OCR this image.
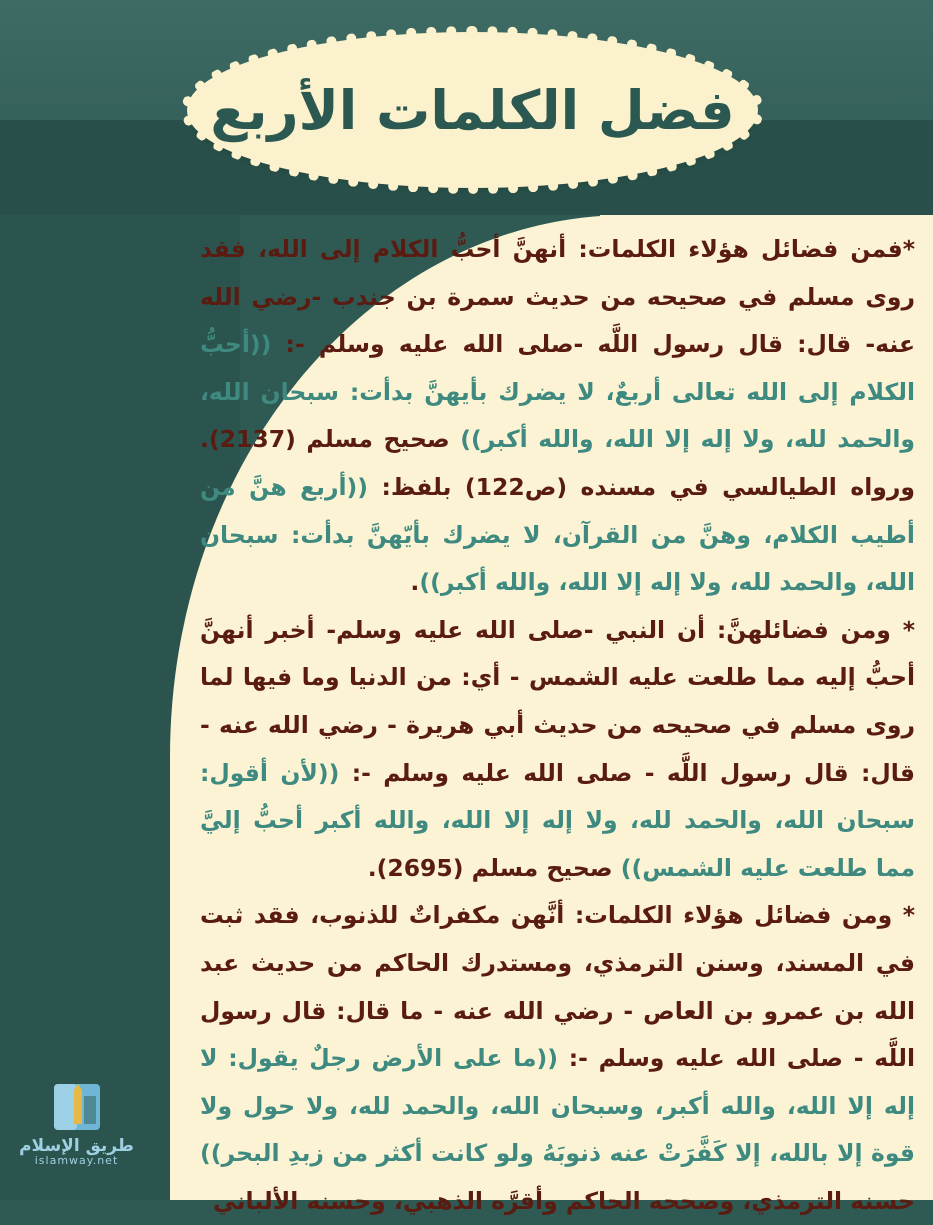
فضل الكلمات الأربع

*فمن فضائل هؤلاء الكلمات: أنهنَّ أحبُّ الكلام إلى الله، فقد روى مسلم في صحيحه من حديث سمرة بن جندب -رضي الله عنه- قال: قال رسول اللَّه -صلى الله عليه وسلم -: ((أحبُّ الكلام إلى الله تعالى أربعٌ، لا يضرك بأيهنَّ بدأت: سبحان الله، والحمد لله، ولا إله إلا الله، والله أكبر)) صحيح مسلم (2137). ورواه الطيالسي في مسنده (ص122) بلفظ: ((أربع هنَّ من أطيب الكلام، وهنَّ من القرآن، لا يضرك بأيّهنَّ بدأت: سبحان الله، والحمد لله، ولا إله إلا الله، والله أكبر)).

* ومن فضائلهنَّ: أن النبي -صلى الله عليه وسلم- أخبر أنهنَّ أحبُّ إليه مما طلعت عليه الشمس - أي: من الدنيا وما فيها لما روى مسلم في صحيحه من حديث أبي هريرة - رضي الله عنه - قال: قال رسول اللَّه - صلى الله عليه وسلم -: ((لأن أقول: سبحان الله، والحمد لله، ولا إله إلا الله، والله أكبر أحبُّ إليَّ مما طلعت عليه الشمس)) صحيح مسلم (2695).

* ومن فضائل هؤلاء الكلمات: أنَّهن مكفراتٌ للذنوب، فقد ثبت في المسند، وسنن الترمذي، ومستدرك الحاكم من حديث عبد الله بن عمرو بن العاص - رضي الله عنه - ما قال: قال رسول اللَّه - صلى الله عليه وسلم -: ((ما على الأرض رجلٌ يقول: لا إله إلا الله، والله أكبر، وسبحان الله، والحمد لله، ولا حول ولا قوة إلا بالله، إلا كَفَّرَتْ عنه ذنوبَهُ ولو كانت أكثر من زبدِ البحر)) حسنه الترمذي، وصححه الحاكم وأقرَّه الذهبي، وحسنه الألباني

طريق الإسلام
islamway.net
